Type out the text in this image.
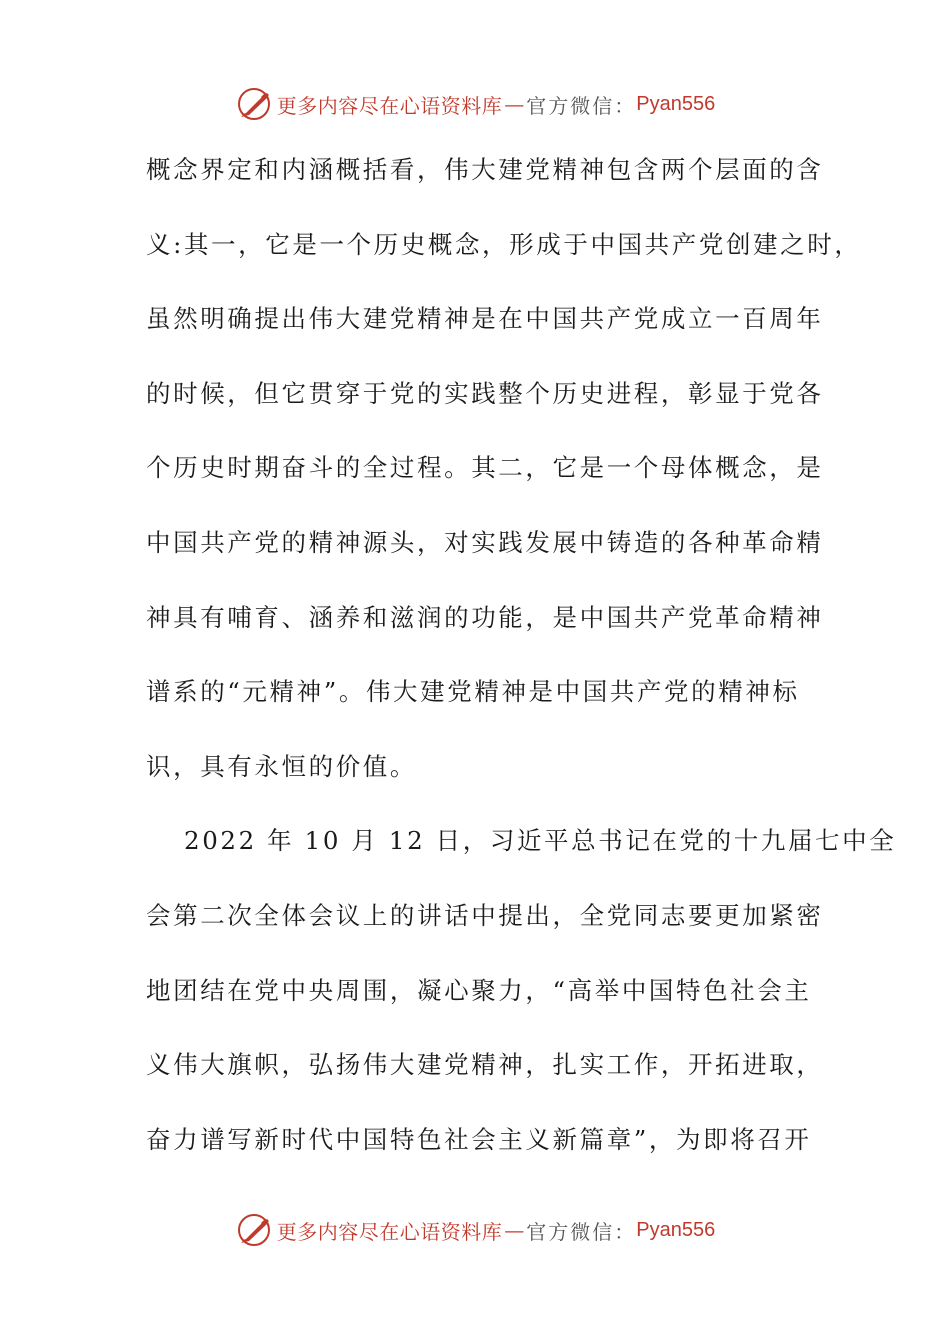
更多内容尽在心语资料库 — 官方微信： Pyan556
概念界定和内涵概括看，伟大建党精神包含两个层面的含
义:其一，它是一个历史概念，形成于中国共产党创建之时，
虽然明确提出伟大建党精神是在中国共产党成立一百周年
的时候，但它贯穿于党的实践整个历史进程，彰显于党各
个历史时期奋斗的全过程。其二，它是一个母体概念，是
中国共产党的精神源头，对实践发展中铸造的各种革命精
神具有哺育、涵养和滋润的功能，是中国共产党革命精神
谱系的“元精神”。伟大建党精神是中国共产党的精神标
识，具有永恒的价值。
2022 年 10 月 12 日，习近平总书记在党的十九届七中全
会第二次全体会议上的讲话中提出，全党同志要更加紧密
地团结在党中央周围，凝心聚力，“高举中国特色社会主
义伟大旗帜，弘扬伟大建党精神，扎实工作，开拓进取，
奋力谱写新时代中国特色社会主义新篇章”，为即将召开
更多内容尽在心语资料库 — 官方微信： Pyan556
